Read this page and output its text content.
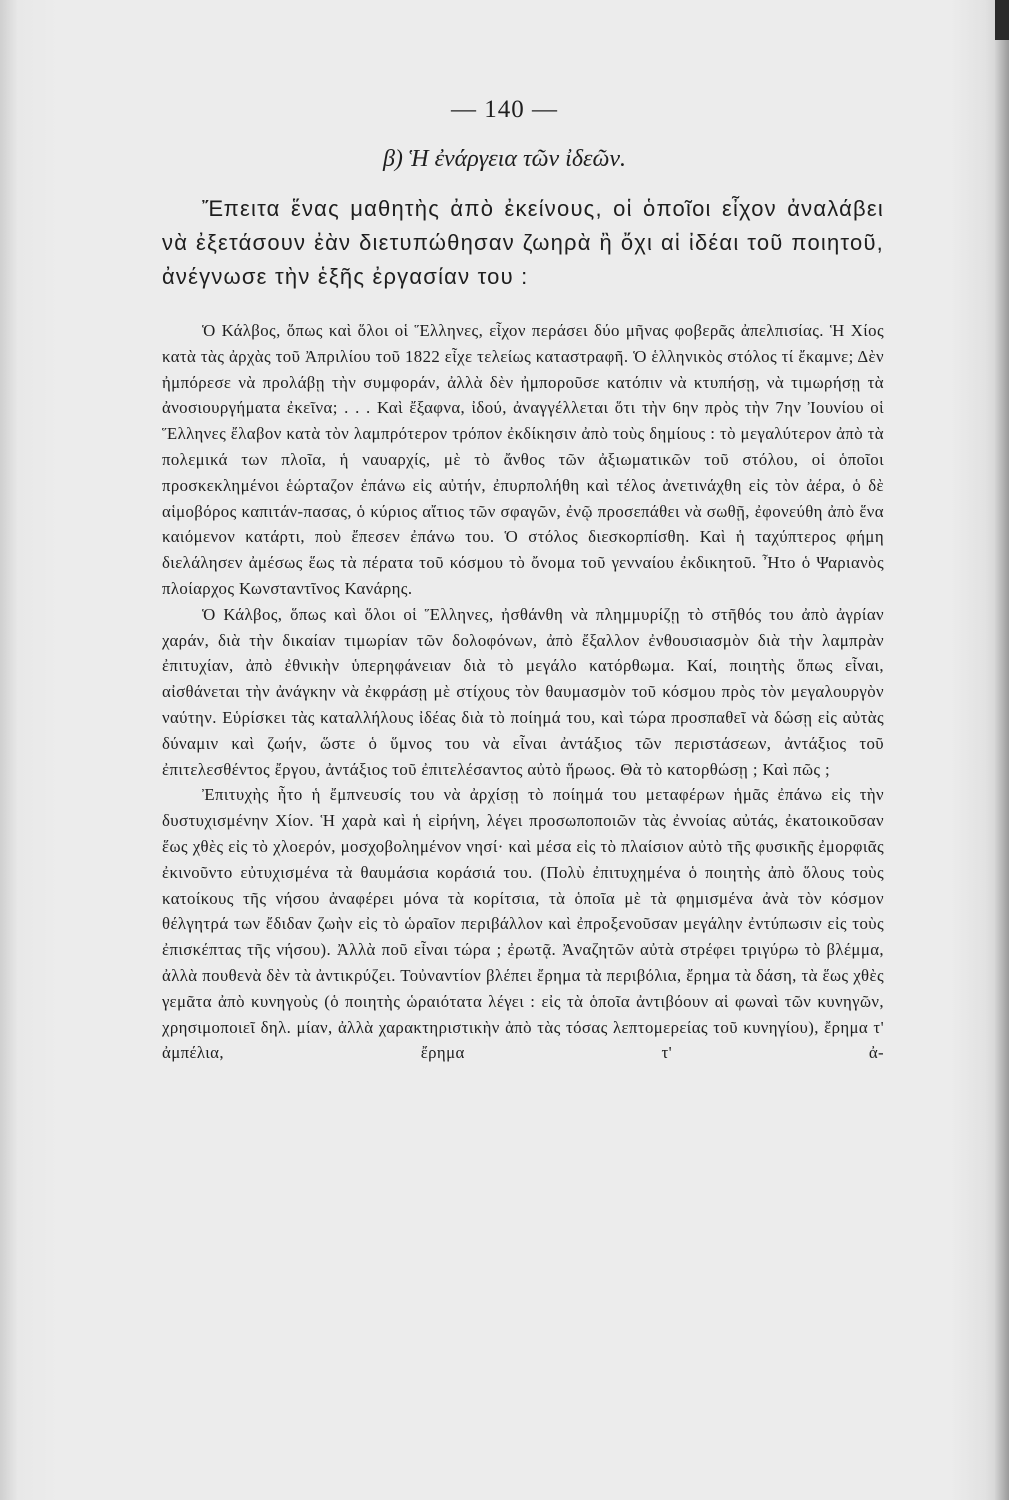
— 140 —
β) Ἡ ἐνάργεια τῶν ἰδεῶν.

Ἔπειτα ἕνας μαθητὴς ἀπὸ ἐκείνους, οἱ ὁποῖοι εἶχον ἀναλάβει νὰ ἐξετάσουν ἐὰν διετυπώθησαν ζωηρὰ ἢ ὄχι αἱ ἰδέαι τοῦ ποιητοῦ, ἀνέγνωσε τὴν ἑξῆς ἐργασίαν του :

Ὁ Κάλβος, ὅπως καὶ ὅλοι οἱ Ἕλληνες, εἶχον περάσει δύο μῆνας φοβερᾶς ἀπελπισίας. Ἡ Χίος κατὰ τὰς ἀρχὰς τοῦ Ἀπριλίου τοῦ 1822 εἶχε τελείως καταστραφῆ. Ὁ ἑλληνικὸς στόλος τί ἔκαμνε; Δὲν ἠμπόρεσε νὰ προλάβῃ τὴν συμφοράν, ἀλλὰ δὲν ἠμποροῦσε κατόπιν νὰ κτυπήσῃ, νὰ τιμωρήσῃ τὰ ἀνοσιουργήματα ἐκεῖνα; . . . Καὶ ἔξαφνα, ἰδού, ἀναγγέλλεται ὅτι τὴν 6ην πρὸς τὴν 7ην Ἰουνίου οἱ Ἕλληνες ἔλαβον κατὰ τὸν λαμπρότερον τρόπον ἐκδίκησιν ἀπὸ τοὺς δημίους : τὸ μεγαλύτερον ἀπὸ τὰ πολεμικά των πλοῖα, ἡ ναυαρχίς, μὲ τὸ ἄνθος τῶν ἀξιωματικῶν τοῦ στόλου, οἱ ὁποῖοι προσκεκλημένοι ἑώρταζον ἐπάνω εἰς αὐτήν, ἐπυρπολήθη καὶ τέλος ἀνετινάχθη εἰς τὸν ἀέρα, ὁ δὲ αἱμοβόρος καπιτάν-πασας, ὁ κύριος αἴτιος τῶν σφαγῶν, ἐνῷ προσεπάθει νὰ σωθῇ, ἐφονεύθη ἀπὸ ἕνα καιόμενον κατάρτι, ποὺ ἔπεσεν ἐπάνω του. Ὁ στόλος διεσκορπίσθη. Καὶ ἡ ταχύπτερος φήμη διελάλησεν ἀμέσως ἕως τὰ πέρατα τοῦ κόσμου τὸ ὄνομα τοῦ γενναίου ἐκδικητοῦ. Ἦτο ὁ Ψαριανὸς πλοίαρχος Κωνσταντῖνος Κανάρης.

Ὁ Κάλβος, ὅπως καὶ ὅλοι οἱ Ἕλληνες, ἠσθάνθη νὰ πλημμυρίζῃ τὸ στῆθός του ἀπὸ ἀγρίαν χαράν, διὰ τὴν δικαίαν τιμωρίαν τῶν δολοφόνων, ἀπὸ ἔξαλλον ἐνθουσιασμὸν διὰ τὴν λαμπρὰν ἐπιτυχίαν, ἀπὸ ἐθνικὴν ὑπερηφάνειαν διὰ τὸ μεγάλο κατόρθωμα. Καί, ποιητὴς ὅπως εἶναι, αἰσθάνεται τὴν ἀνάγκην νὰ ἐκφράσῃ μὲ στίχους τὸν θαυμασμὸν τοῦ κόσμου πρὸς τὸν μεγαλουργὸν ναύτην. Εὑρίσκει τὰς καταλλήλους ἰδέας διὰ τὸ ποίημά του, καὶ τώρα προσπαθεῖ νὰ δώσῃ εἰς αὐτὰς δύναμιν καὶ ζωήν, ὥστε ὁ ὕμνος του νὰ εἶναι ἀντάξιος τῶν περιστάσεων, ἀντάξιος τοῦ ἐπιτελεσθέντος ἔργου, ἀντάξιος τοῦ ἐπιτελέσαντος αὐτὸ ἥρωος. Θὰ τὸ κατορθώσῃ ; Καὶ πῶς ;

Ἐπιτυχὴς ἦτο ἡ ἔμπνευσίς του νὰ ἀρχίσῃ τὸ ποίημά του μεταφέρων ἡμᾶς ἐπάνω εἰς τὴν δυστυχισμένην Χίον. Ἡ χαρὰ καὶ ἡ εἰρήνη, λέγει προσωποποιῶν τὰς ἐννοίας αὐτάς, ἐκατοικοῦσαν ἕως χθὲς εἰς τὸ χλοερόν, μοσχοβολημένον νησί· καὶ μέσα εἰς τὸ πλαίσιον αὐτὸ τῆς φυσικῆς ἐμορφιᾶς ἐκινοῦντο εὐτυχισμένα τὰ θαυμάσια κοράσιά του. (Πολὺ ἐπιτυχημένα ὁ ποιητὴς ἀπὸ ὅλους τοὺς κατοίκους τῆς νήσου ἀναφέρει μόνα τὰ κορίτσια, τὰ ὁποῖα μὲ τὰ φημισμένα ἀνὰ τὸν κόσμον θέλγητρά των ἔδιδαν ζωὴν εἰς τὸ ὡραῖον περιβάλλον καὶ ἐπροξενοῦσαν μεγάλην ἐντύπωσιν εἰς τοὺς ἐπισκέπτας τῆς νήσου). Ἀλλὰ ποῦ εἶναι τώρα ; ἐρωτᾷ. Ἀναζητῶν αὐτὰ στρέφει τριγύρω τὸ βλέμμα, ἀλλὰ πουθενὰ δὲν τὰ ἀντικρύζει. Τοὐναντίον βλέπει ἔρημα τὰ περιβόλια, ἔρημα τὰ δάση, τὰ ἕως χθὲς γεμᾶτα ἀπὸ κυνηγοὺς (ὁ ποιητὴς ὡραιότατα λέγει : εἰς τὰ ὁποῖα ἀντιβόουν αἱ φωναὶ τῶν κυνηγῶν, χρησιμοποιεῖ δηλ. μίαν, ἀλλὰ χαρακτηριστικὴν ἀπὸ τὰς τόσας λεπτομερείας τοῦ κυνηγίου), ἔρημα τ' ἀμπέλια, ἔρημα τ' ἀ-
